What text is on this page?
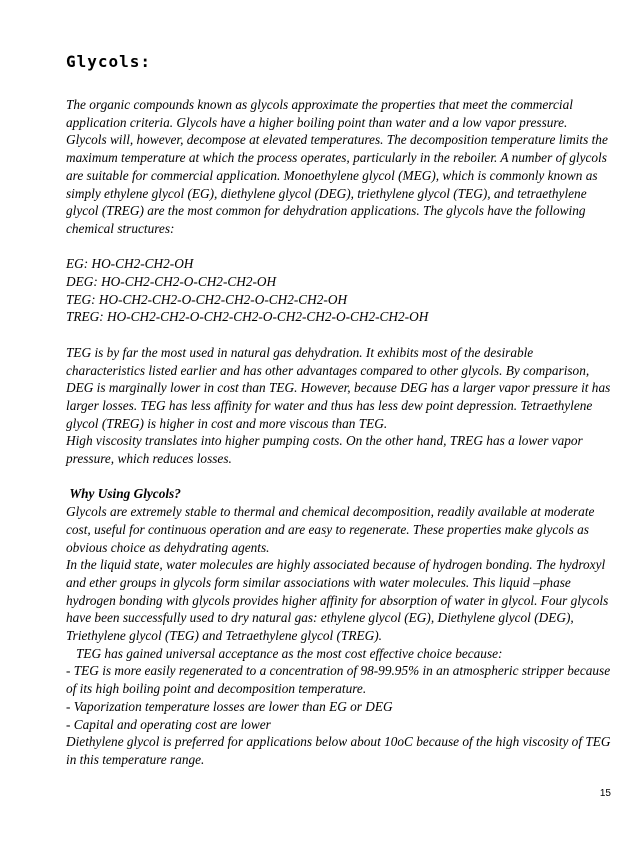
Glycols:

The organic compounds known as glycols approximate the properties that meet the commercial application criteria. Glycols have a higher boiling point than water and a low vapor pressure. Glycols will, however, decompose at elevated temperatures. The decomposition temperature limits the maximum temperature at which the process operates, particularly in the reboiler. A number of glycols are suitable for commercial application. Monoethylene glycol (MEG), which is commonly known as simply ethylene glycol (EG), diethylene glycol (DEG), triethylene glycol (TEG), and tetraethylene glycol (TREG) are the most common for dehydration applications. The glycols have the following chemical structures:

EG: HO-CH2-CH2-OH

DEG: HO-CH2-CH2-O-CH2-CH2-OH

TEG: HO-CH2-CH2-O-CH2-CH2-O-CH2-CH2-OH

TREG: HO-CH2-CH2-O-CH2-CH2-O-CH2-CH2-O-CH2-CH2-OH

TEG is by far the most used in natural gas dehydration. It exhibits most of the desirable characteristics listed earlier and has other advantages compared to other glycols. By comparison, DEG is marginally lower in cost than TEG. However, because DEG has a larger vapor pressure it has larger losses. TEG has less affinity for water and thus has less dew point depression. Tetraethylene glycol (TREG) is higher in cost and more viscous than TEG.

High viscosity translates into higher pumping costs. On the other hand, TREG has a lower vapor pressure, which reduces losses.

Why Using Glycols?

Glycols are extremely stable to thermal and chemical decomposition, readily available at moderate cost, useful for continuous operation and are easy to regenerate. These properties make glycols as obvious choice as dehydrating agents.

In the liquid state, water molecules are highly associated because of hydrogen bonding. The hydroxyl and ether groups in glycols form similar associations with water molecules. This liquid –phase hydrogen bonding with glycols provides higher affinity for absorption of water in glycol. Four glycols have been successfully used to dry natural gas: ethylene glycol (EG), Diethylene glycol (DEG), Triethylene glycol (TEG) and Tetraethylene glycol (TREG).

TEG has gained universal acceptance as the most cost effective choice because:

- TEG is more easily regenerated to a concentration of 98-99.95% in an atmospheric stripper because of its high boiling point and decomposition temperature.

- Vaporization temperature losses are lower than EG or DEG

- Capital and operating cost are lower

Diethylene glycol is preferred for applications below about 10oC because of the high viscosity of TEG in this temperature range.

15
